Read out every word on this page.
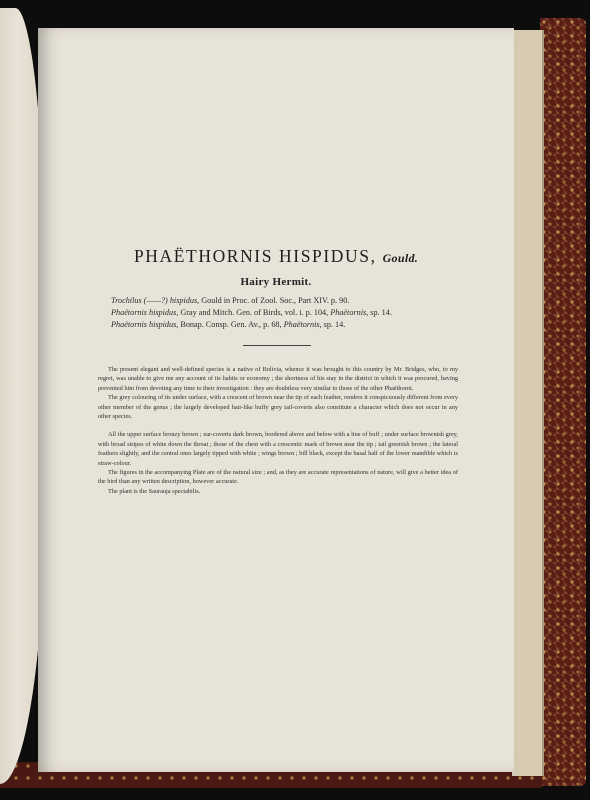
PHAËTHORNIS HISPIDUS, Gould.
Hairy Hermit.
Trochilus (——?) hispidus, Gould in Proc. of Zool. Soc., Part XIV. p. 90.
Phaëtornis hispidus, Gray and Mitch. Gen. of Birds, vol. i. p. 104, Phaëtornis, sp. 14.
Phaëtornis hispidus, Bonap. Consp. Gen. Av., p. 68, Phaëtornis, sp. 14.

The present elegant and well-defined species is a native of Bolivia, whence it was brought to this country by Mr. Bridges, who, to my regret, was unable to give me any account of its habits or economy ; the shortness of his stay in the district in which it was procured, having prevented him from devoting any time to their investigation : they are doubtless very similar to those of the other Phaëthorni.

The grey colouring of its under surface, with a crescent of brown near the tip of each feather, renders it conspicuously different from every other member of the genus ; the largely developed hair-like buffy grey tail-coverts also constitute a character which does not occur in any other species.

All the upper surface bronzy brown ; ear-coverts dark brown, bordered above and below with a line of buff ; under surface brownish grey, with broad stripes of white down the throat ; those of the chest with a crescentic mark of brown near the tip ; tail greenish brown ; the lateral feathers slightly, and the central ones largely tipped with white ; wings brown ; bill black, except the basal half of the lower mandible which is straw-colour.

The figures in the accompanying Plate are of the natural size ; and, as they are accurate representations of nature, will give a better idea of the bird than any written description, however accurate.

The plant is the Sauraujа spectabilis.
